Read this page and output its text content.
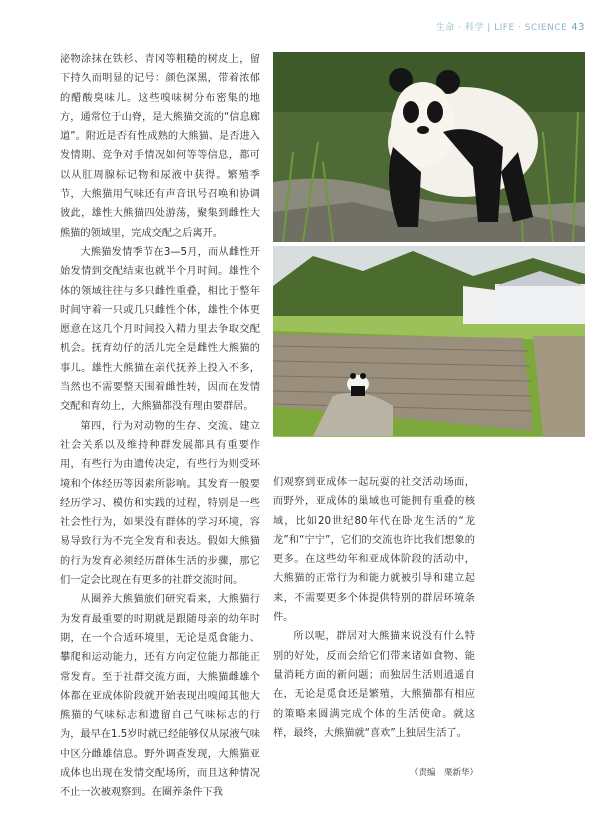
生命 · 科学 | LIFE · SCIENCE 43

泌物涂抹在铁杉、青冈等粗糙的树皮上，留下持久而明显的记号：颜色深黑，带着浓郁的醋酸臭味儿。这些嗅味树分布密集的地方，通常位于山脊，是大熊猫交流的“信息廊道”。附近是否有性成熟的大熊猫、是否进入发情期、竞争对手情况如何等等信息，都可以从肛周腺标记物和尿液中获得。繁殖季节，大熊猫用气味还有声音讯号召唤和协调彼此，雄性大熊猫四处游荡，聚集到雌性大熊猫的领域里，完成交配之后离开。

大熊猫发情季节在3—5月，而从雌性开始发情到交配结束也就半个月时间。雄性个体的领域往往与多只雌性重叠，相比于整年时间守着一只或几只雌性个体，雄性个体更愿意在这几个月时间投入精力里去争取交配机会。抚育幼仔的活儿完全是雌性大熊猫的事儿。雄性大熊猫在亲代抚养上投入不多，当然也不需要整天围着雌性转，因而在发情交配和育幼上，大熊猫都没有理由要群居。

第四，行为对动物的生存、交流、建立社会关系以及维持种群发展都具有重要作用，有些行为由遗传决定，有些行为则受环境和个体经历等因素所影响。其发育一般要经历学习、模仿和实践的过程，特别是一些社会性行为，如果没有群体的学习环境，容易导致行为不完全发育和表达。假如大熊猫的行为发育必须经历群体生活的步骤，那它们一定会比现在有更多的社群交流时间。

从圈养大熊猫旅们研究看来，大熊猫行为发育最重要的时期就是跟随母亲的幼年时期，在一个合适环境里，无论是觅食能力、攀爬和运动能力，还有方向定位能力都能正常发育。至于社群交流方面，大熊猫雌雄个体都在亚成体阶段就开始表现出嗅闻其他大熊猫的气味标志和遗留自己气味标志的行为，最早在1.5岁时就已经能够仅从尿液气味中区分雌雄信息。野外调查发现，大熊猫亚成体也出现在发情交配场所，而且这种情况不止一次被观察到。在圈养条件下我

们观察到亚成体一起玩耍的社交活动场面，而野外，亚成体的巢域也可能拥有重叠的核域，比如20世纪80年代在卧龙生活的“龙龙”和“宁宁”，它们的交流也许比我们想象的更多。在这些幼年和亚成体阶段的活动中，大熊猫的正常行为和能力就被引导和建立起来，不需要更多个体提供特别的群居环境条件。

所以呢，群居对大熊猫来说没有什么特别的好处，反而会给它们带来诸如食物、能量消耗方面的新问题；而独居生活则逍遥自在，无论是觅食还是繁殖，大熊猫都有相应的策略来圆满完成个体的生活使命。就这样，最终，大熊猫就“喜欢”上独居生活了。

（责编　栗新华）
